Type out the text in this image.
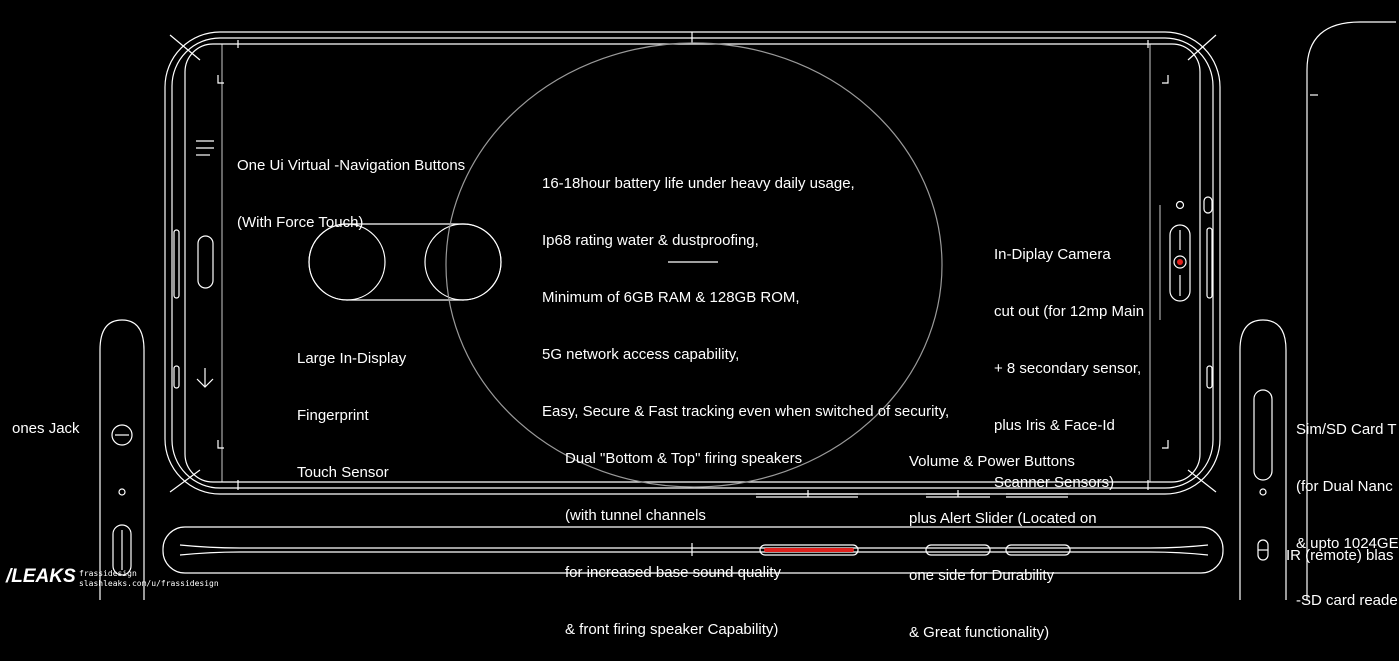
One Ui Virtual -Navigation Buttons

(With Force Touch)

16-18hour battery life under heavy daily usage,

Ip68 rating water & dustproofing,

Minimum of 6GB RAM & 128GB ROM,

5G network access capability,

Easy, Secure & Fast tracking even when switched of security,

In-Diplay Camera

cut out (for 12mp Main

+ 8 secondary sensor,

plus Iris & Face-Id

Scanner Sensors)

Large In-Display

Fingerprint

Touch Sensor

Dual "Bottom & Top" firing speakers

(with tunnel channels

for increased base sound quality

& front firing speaker Capability)

Volume & Power Buttons

plus Alert Slider (Located on

one side for Durability

& Great functionality)

ones Jack

	Sim/SD Card T

(for Dual Nanc

& upto 1024GE

-SD card reade

IR (remote) blas
/LEAKS frassidesign
slashleaks.com/u/frassidesign
